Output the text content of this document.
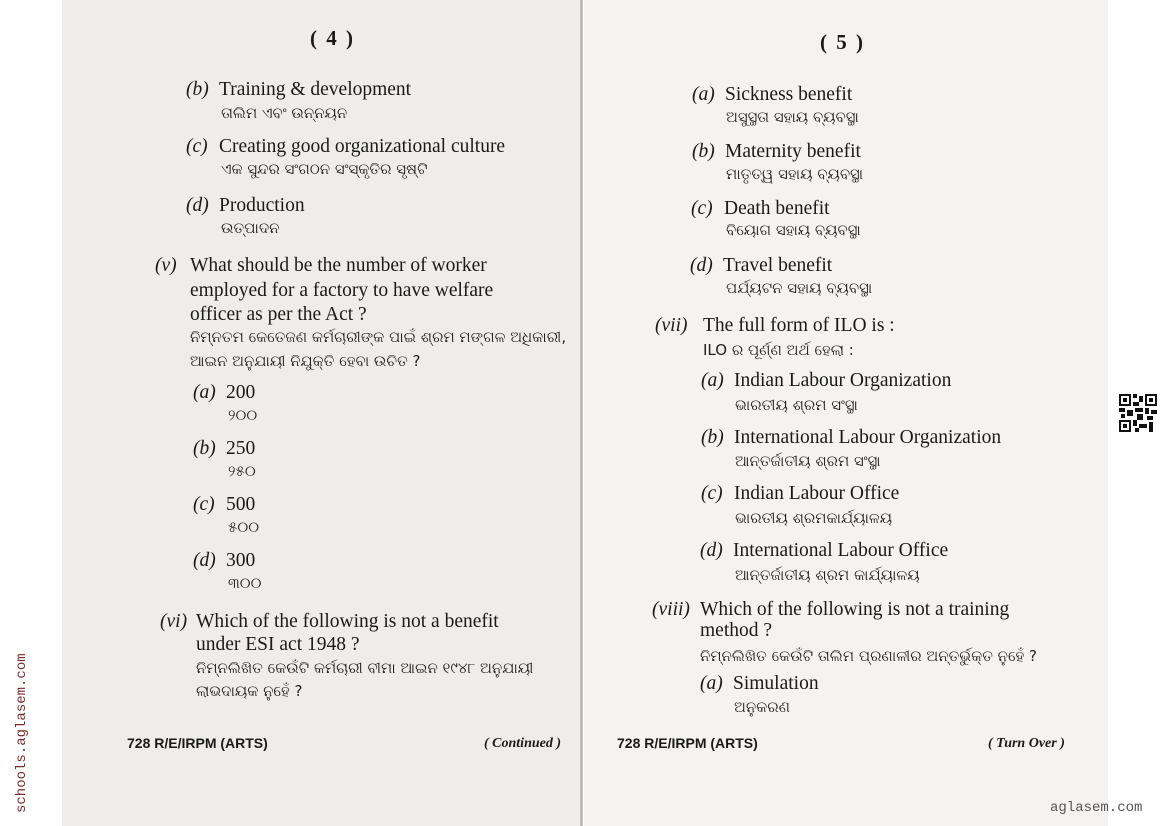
( 4 )
(b) Training & development
ତାଲିମ ଏବଂ ଉନ୍ନୟନ
(c) Creating good organizational culture
ଏକ ସୁନ୍ଦର ସଂଗଠନ ସଂସ୍କୃତିର ସୃଷ୍ଟି
(d) Production
ଉତ୍ପାଦନ
(v) What should be the number of worker
employed for a factory to have welfare
officer as per the Act ?
ନିମ୍ନତମ କେତେଜଣ କର୍ମଚାରୀଙ୍କ ପାଇଁ ଶ୍ରମ ମଙ୍ଗଳ ଅଧିକାରୀ,
ଆଇନ ଅନୁଯାୟୀ ନିଯୁକ୍ତି ହେବା ଉଚିତ ?
(a) 200
୨୦୦
(b) 250
୨୫୦
(c) 500
୫୦୦
(d) 300
୩୦୦
(vi) Which of the following is not a benefit
under ESI act 1948 ?
ନିମ୍ନଲିଖିତ କେଉଁଟି କର୍ମଚାରୀ ବୀମା ଆଇନ ୧୯୪୮ ଅନୁଯାୟୀ
ଲାଭଦାୟକ ନୁହେଁ ?
728 R/E/IRPM (ARTS)	( Continued )
( 5 )
(a) Sickness benefit
ଅସୁସ୍ଥତା ସହାୟ ବ୍ୟବସ୍ଥା
(b) Maternity benefit
ମାତୃତ୍ୱ ସହାୟ ବ୍ୟବସ୍ଥା
(c) Death benefit
ବିୟୋଗ ସହାୟ ବ୍ୟବସ୍ଥା
(d) Travel benefit
ପର୍ଯ୍ୟଟନ ସହାୟ ବ୍ୟବସ୍ଥା
(vii) The full form of ILO is :
ILO ର ପୂର୍ଣ୍ଣ ଅର୍ଥ ହେଲା :
(a) Indian Labour Organization
ଭାରତୀୟ ଶ୍ରମ ସଂସ୍ଥା
(b) International Labour Organization
ଆନ୍ତର୍ଜାତୀୟ ଶ୍ରମ ସଂସ୍ଥା
(c) Indian Labour Office
ଭାରତୀୟ ଶ୍ରମକାର୍ଯ୍ୟାଳୟ
(d) International Labour Office
ଆନ୍ତର୍ଜାତୀୟ ଶ୍ରମ କାର୍ଯ୍ୟାଳୟ
(viii) Which of the following is not a training
method ?
ନିମ୍ନଲିଖିତ କେଉଁଟି ତାଲିମ ପ୍ରଣାଳୀର ଅନ୍ତର୍ଭୁକ୍ତ ନୁହେଁ ?
(a) Simulation
ଅନୁକରଣ
728 R/E/IRPM (ARTS)	( Turn Over )
schools.aglasem.com	aglasem.com
